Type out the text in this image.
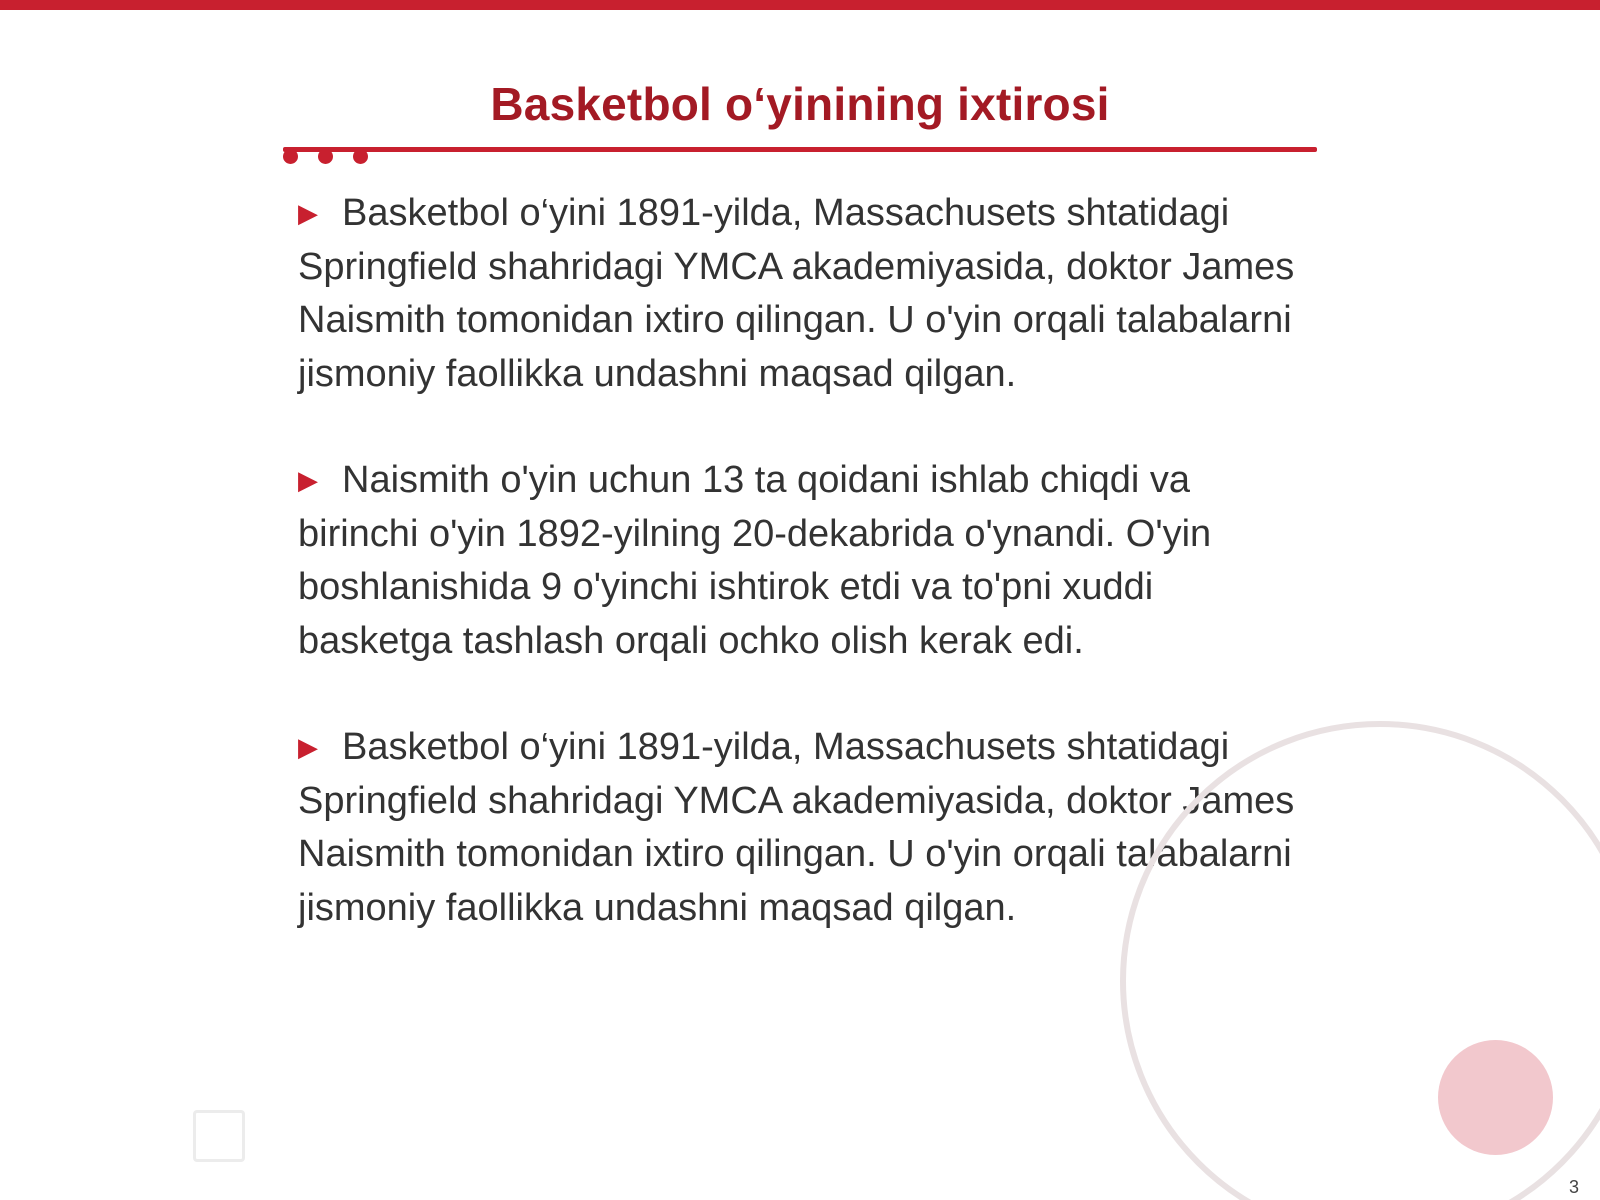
Basketbol o‘yinining ixtirosi

▶ Basketbol o‘yini 1891-yilda, Massachusets shtatidagi Springfield shahridagi YMCA akademiyasida, doktor James Naismith tomonidan ixtiro qilingan. U o'yin orqali talabalarni jismoniy faollikka undashni maqsad qilgan.

▶ Naismith o'yin uchun 13 ta qoidani ishlab chiqdi va birinchi o'yin 1892-yilning 20-dekabrida o'ynandi. O'yin boshlanishida 9 o'yinchi ishtirok etdi va to'pni xuddi basketga tashlash orqali ochko olish kerak edi.

▶ Basketbol o‘yini 1891-yilda, Massachusets shtatidagi Springfield shahridagi YMCA akademiyasida, doktor James Naismith tomonidan ixtiro qilingan. U o'yin orqali talabalarni jismoniy faollikka undashni maqsad qilgan.

3
